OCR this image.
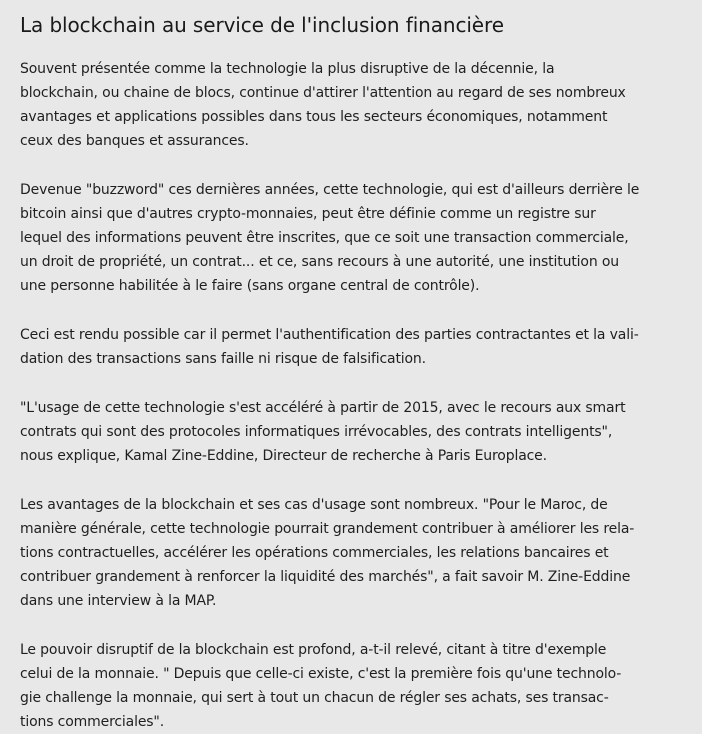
La blockchain au service de l'inclusion financière

Souvent présentée comme la technologie la plus disruptive de la décennie, la
blockchain, ou chaine de blocs, continue d'attirer l'attention au regard de ses nombreux
avantages et applications possibles dans tous les secteurs économiques, notamment
ceux des banques et assurances.

Devenue "buzzword" ces dernières années, cette technologie, qui est d'ailleurs derrière le
bitcoin ainsi que d'autres crypto-monnaies, peut être définie comme un registre sur
lequel des informations peuvent être inscrites, que ce soit une transaction commerciale,
un droit de propriété, un contrat... et ce, sans recours à une autorité, une institution ou
une personne habilitée à le faire (sans organe central de contrôle).

Ceci est rendu possible car il permet l'authentification des parties contractantes et la vali-
dation des transactions sans faille ni risque de falsification.

"L'usage de cette technologie s'est accéléré à partir de 2015, avec le recours aux smart
contrats qui sont des protocoles informatiques irrévocables, des contrats intelligents",
nous explique, Kamal Zine-Eddine, Directeur de recherche à Paris Europlace.

Les avantages de la blockchain et ses cas d'usage sont nombreux. "Pour le Maroc, de
manière générale, cette technologie pourrait grandement contribuer à améliorer les rela-
tions contractuelles, accélérer les opérations commerciales, les relations bancaires et
contribuer grandement à renforcer la liquidité des marchés", a fait savoir M. Zine-Eddine
dans une interview à la MAP.

Le pouvoir disruptif de la blockchain est profond, a-t-il relevé, citant à titre d'exemple
celui de la monnaie. " Depuis que celle-ci existe, c'est la première fois qu'une technolo-
gie challenge la monnaie, qui sert à tout un chacun de régler ses achats, ses transac-
tions commerciales".
